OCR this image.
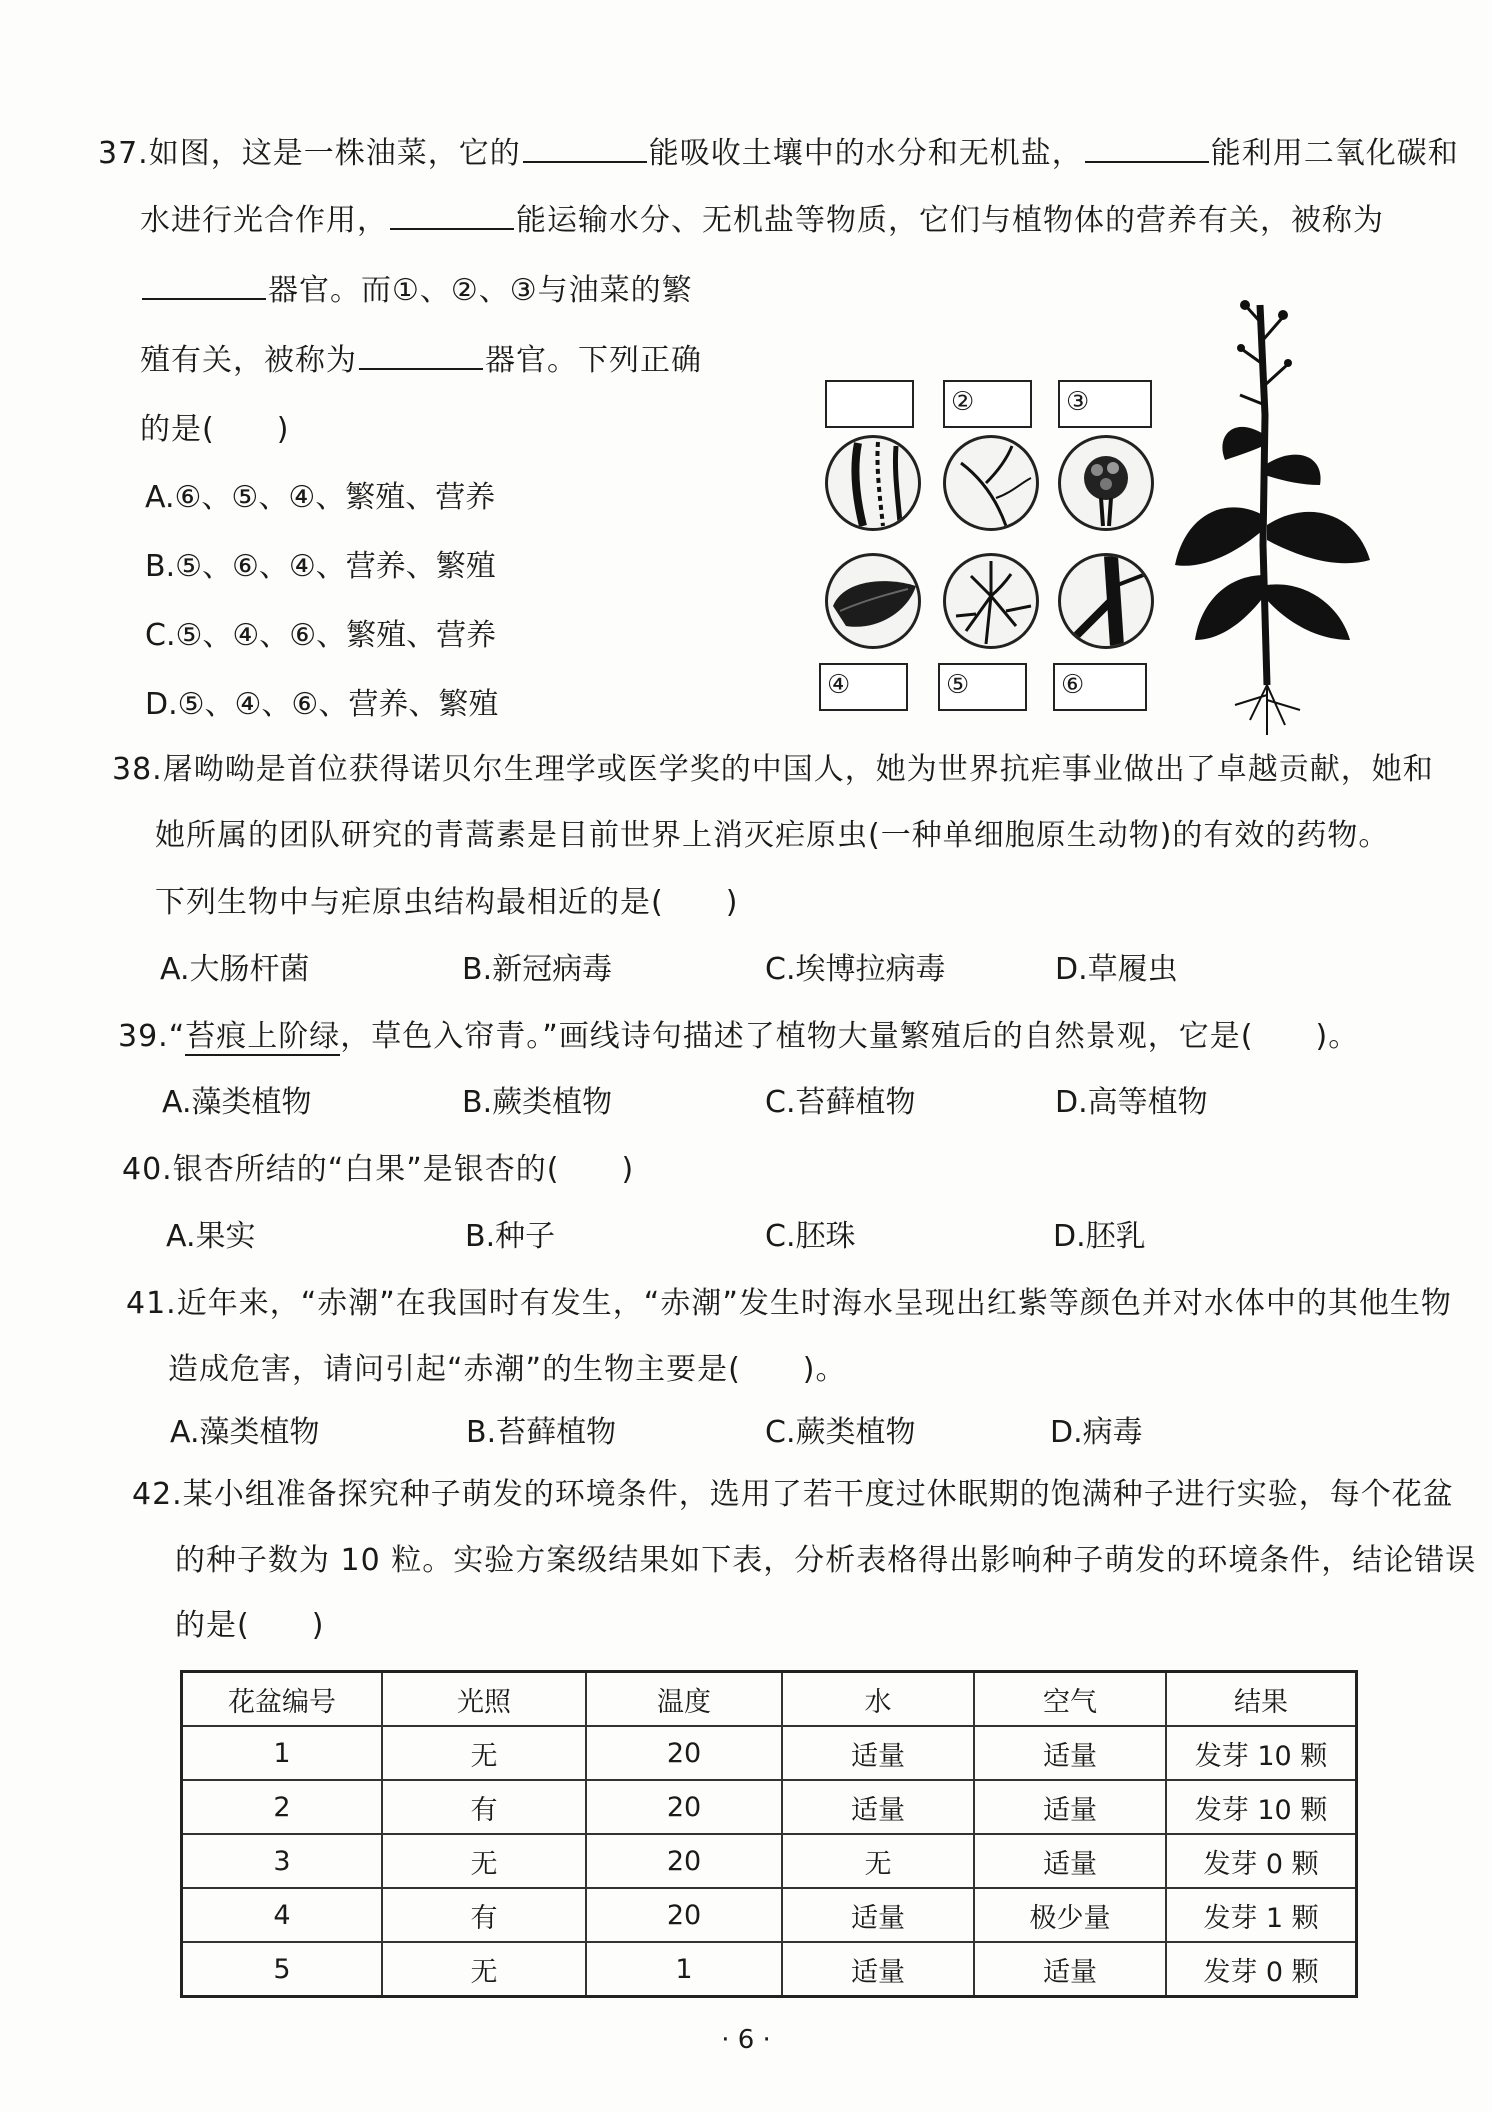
37.如图，这是一株油菜，它的	能吸收土壤中的水分和无机盐，	能利用二氧化碳和
水进行光合作用，	能运输水分、无机盐等物质，它们与植物体的营养有关，被称为
器官。而①、②、③与油菜的繁
殖有关，被称为	器官。下列正确
的是(　　)
A.⑥、⑤、④、繁殖、营养
B.⑤、⑥、④、营养、繁殖
C.⑤、④、⑥、繁殖、营养
D.⑤、④、⑥、营养、繁殖
②	③
④	⑤	⑥
38.屠呦呦是首位获得诺贝尔生理学或医学奖的中国人，她为世界抗疟事业做出了卓越贡献，她和
她所属的团队研究的青蒿素是目前世界上消灭疟原虫(一种单细胞原生动物)的有效的药物。
下列生物中与疟原虫结构最相近的是(　　)
A.大肠杆菌	B.新冠病毒	C.埃博拉病毒	D.草履虫
39.“苔痕上阶绿，草色入帘青。”画线诗句描述了植物大量繁殖后的自然景观，它是(　　)。
A.藻类植物	B.蕨类植物	C.苔藓植物	D.高等植物
40.银杏所结的“白果”是银杏的(　　)
A.果实	B.种子	C.胚珠	D.胚乳
41.近年来，“赤潮”在我国时有发生，“赤潮”发生时海水呈现出红紫等颜色并对水体中的其他生物
造成危害，请问引起“赤潮”的生物主要是(　　)。
A.藻类植物	B.苔藓植物	C.蕨类植物	D.病毒
42.某小组准备探究种子萌发的环境条件，选用了若干度过休眠期的饱满种子进行实验，每个花盆
的种子数为 10 粒。实验方案级结果如下表，分析表格得出影响种子萌发的环境条件，结论错误
的是(　　)
花盆编号	光照	温度	水	空气	结果
1	无	20	适量	适量	发芽 10 颗
2	有	20	适量	适量	发芽 10 颗
3	无	20	无	适量	发芽 0 颗
4	有	20	适量	极少量	发芽 1 颗
5	无	1	适量	适量	发芽 0 颗
· 6 ·
